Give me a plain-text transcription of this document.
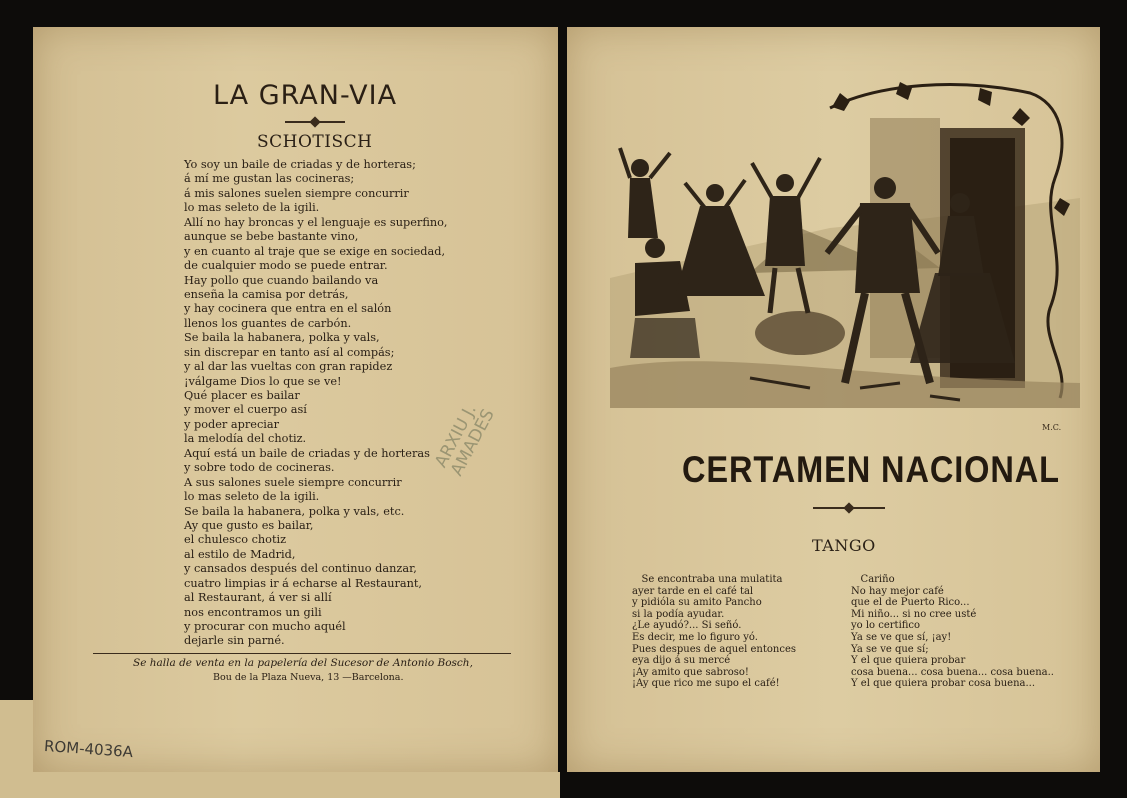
LA GRAN-VIA
SCHOTISCH
Yo soy un baile de criadas y de horteras;
á mí me gustan las cocineras;
á mis salones suelen siempre concurrir
lo mas seleto de la igili.
Allí no hay broncas y el lenguaje es superfino,
aunque se bebe bastante vino,
y en cuanto al traje que se exige en sociedad,
de cualquier modo se puede entrar.
Hay pollo que cuando bailando va
enseña la camisa por detrás,
y hay cocinera que entra en el salón
llenos los guantes de carbón.
Se baila la habanera, polka y vals,
sin discrepar en tanto así al compás;
y al dar las vueltas con gran rapidez
¡válgame Dios lo que se ve!
Qué placer es bailar
y mover el cuerpo así
y poder apreciar
la melodía del chotiz.
Aquí está un baile de criadas y de horteras
y sobre todo de cocineras.
A sus salones suele siempre concurrir
lo mas seleto de la igili.
Se baila la habanera, polka y vals, etc.
Ay que gusto es bailar,
el chulesco chotiz
al estilo de Madrid,
y cansados después del continuo danzar,
cuatro limpias ir á echarse al Restaurant,
al Restaurant, á ver si allí
nos encontramos un gili
y procurar con mucho aquél
dejarle sin parné.
ARXIU J.
AMADES
Se halla de venta en la papelería del Sucesor de Antonio Bosch,
Bou de la Plaza Nueva, 13 —Barcelona.
ROM-4036A
M.C.
CERTAMEN NACIONAL
TANGO
Se encontraba una mulatita
ayer tarde en el café tal
y pidióla su amito Pancho
si la podía ayudar.
¿Le ayudó?... Si señó.
Es decir, me lo figuro yó.
Pues despues de aquel entonces
eya dijo á su mercé
¡Ay amito que sabroso!
¡Ay que rico me supo el café!
Cariño
No hay mejor café
que el de Puerto Rico...
Mi niño... si no cree usté
yo lo certifico
Ya se ve que sí, ¡ay!
Ya se ve que sí;
Y el que quiera probar
cosa buena... cosa buena... cosa buena..
Y el que quiera probar cosa buena...
